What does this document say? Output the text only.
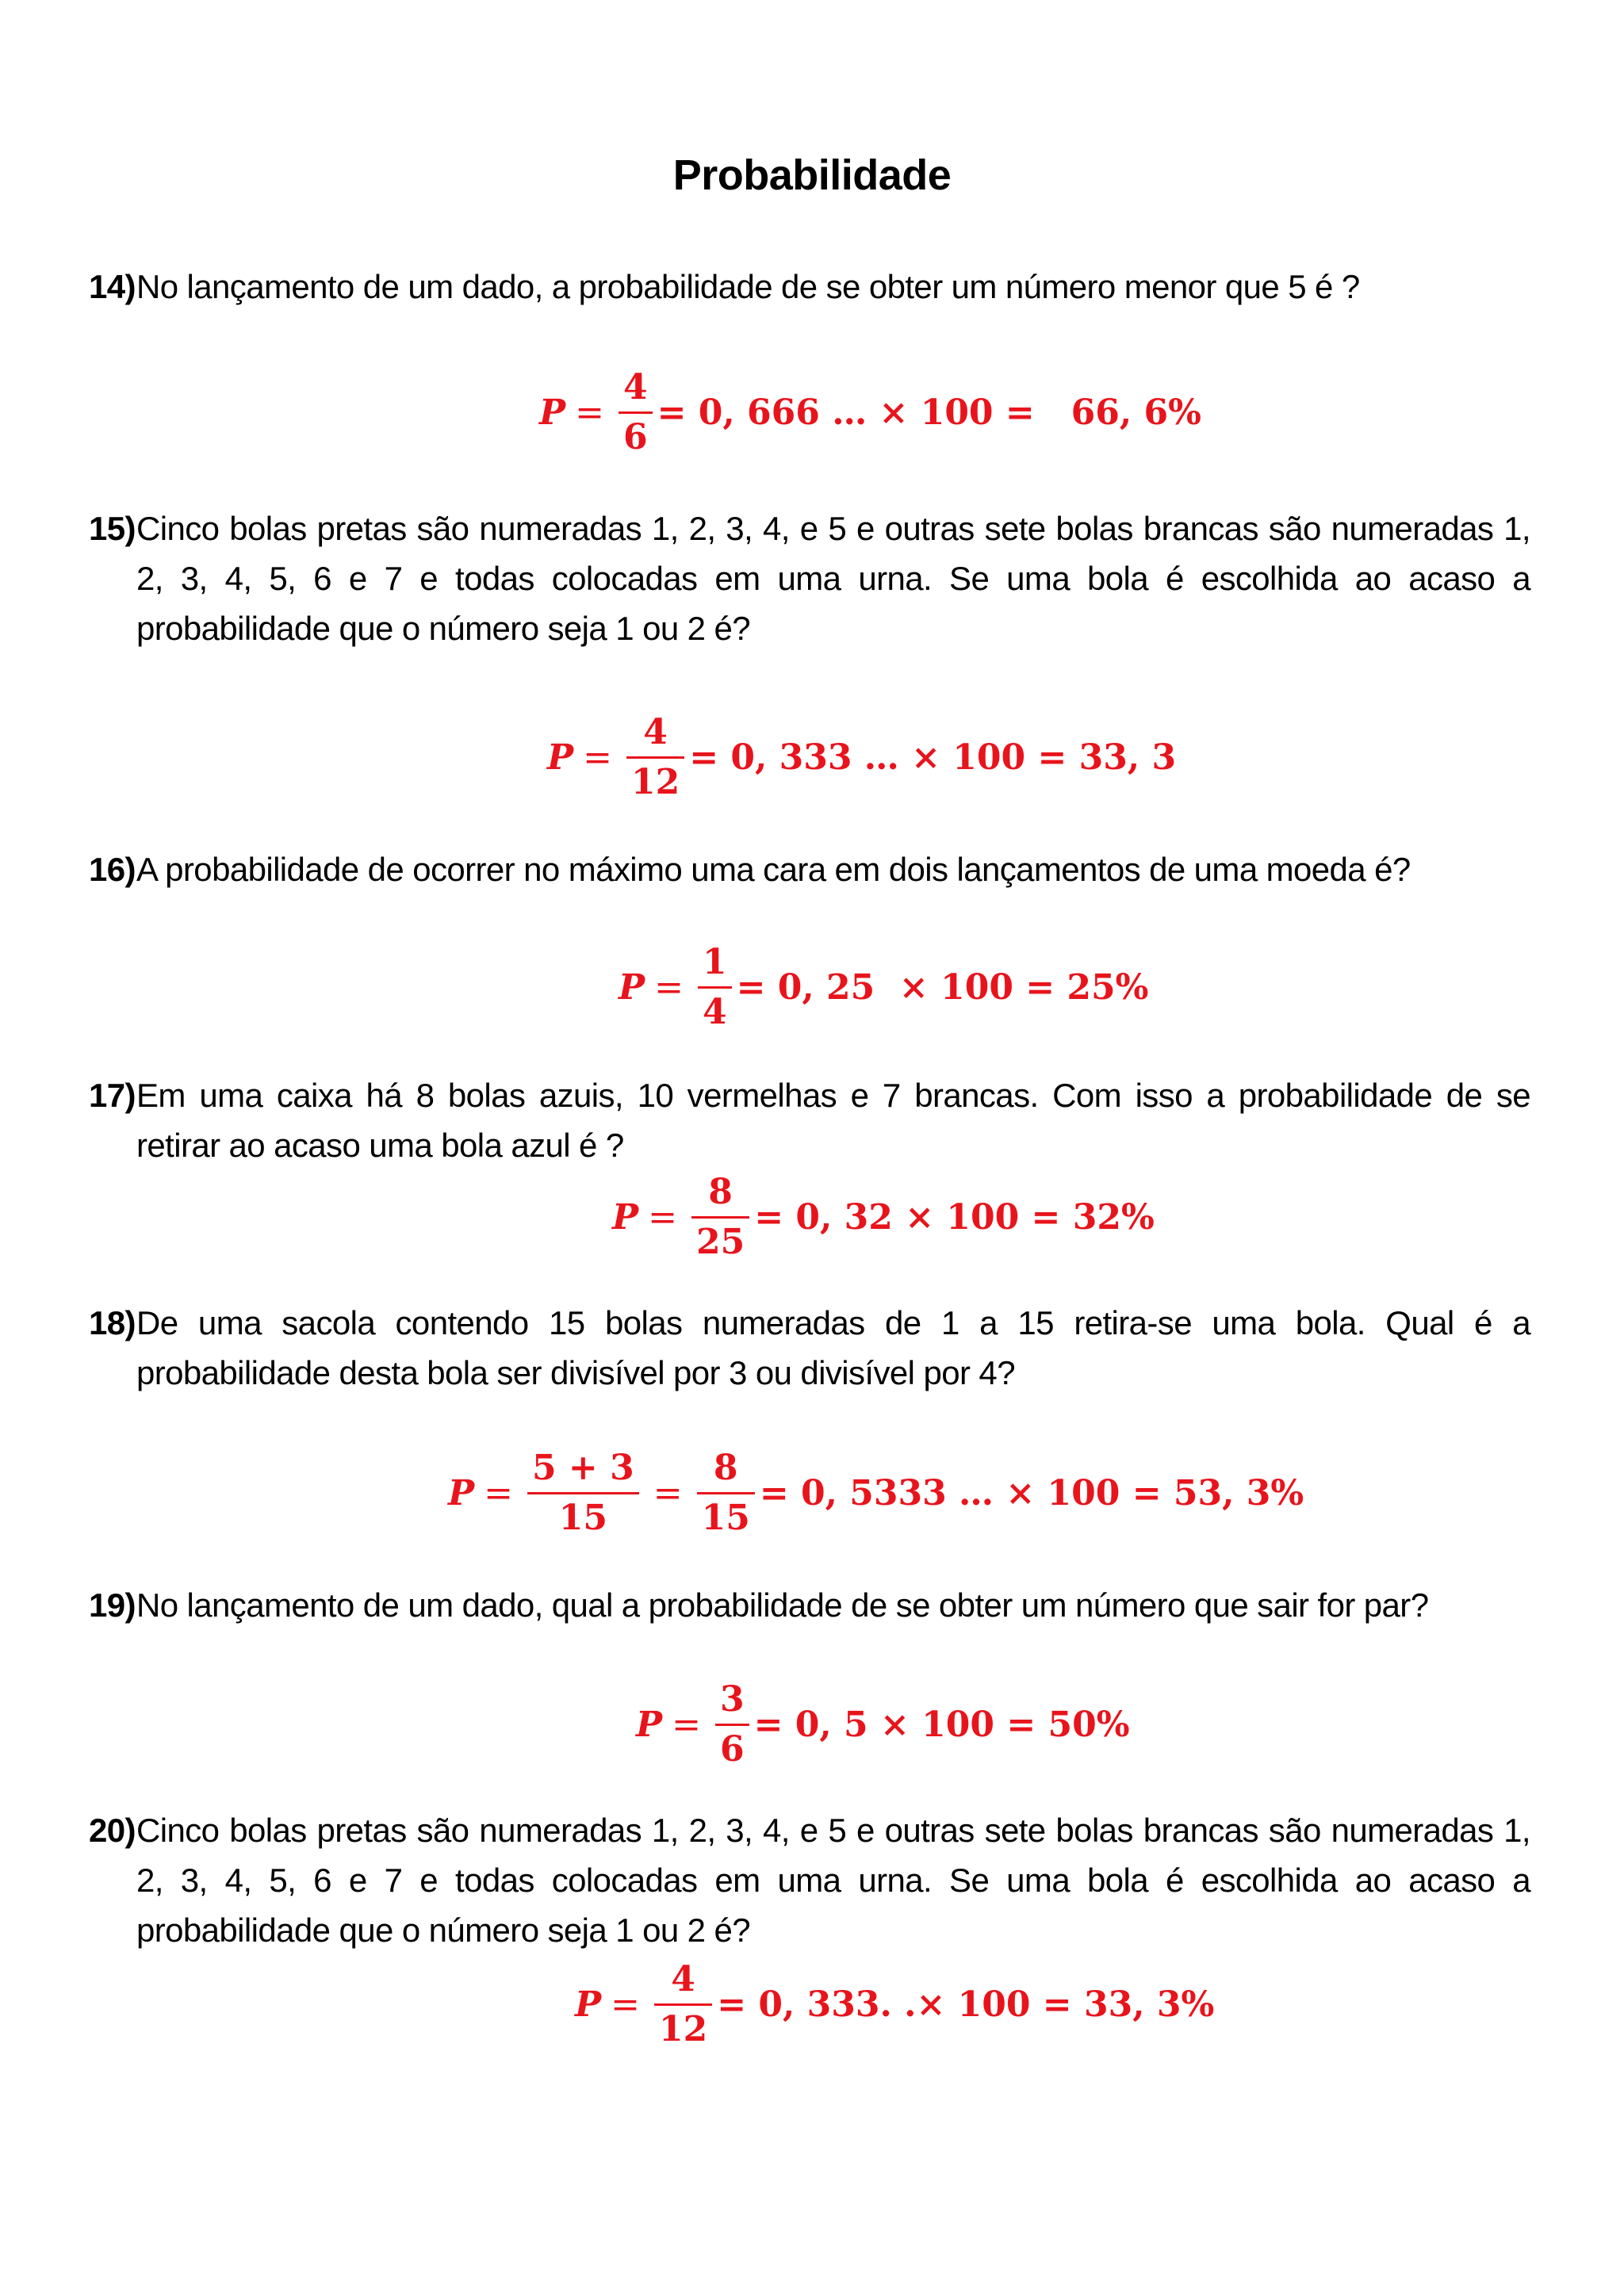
Probabilidade
14) No lançamento de um dado, a probabilidade de se obter um número menor que 5 é ?
$P = \frac{4}{6} = 0$, 666 … × 100 =   66, 6%
15) Cinco bolas pretas são numeradas 1, 2, 3, 4, e 5 e outras sete bolas brancas são numeradas 1, 2, 3, 4, 5, 6 e 7 e todas colocadas em uma urna. Se uma bola é escolhida ao acaso a probabilidade que o número seja 1 ou 2 é?
$P = \frac{4}{12} = 0$, 333 … × 100 = 33, 3
16) A probabilidade de ocorrer no máximo uma cara em dois lançamentos de uma moeda é?
$P = \frac{1}{4} = 0$, 25  × 100 = 25%
17) Em uma caixa há 8 bolas azuis, 10 vermelhas e 7 brancas. Com isso a probabilidade de se retirar ao acaso uma bola azul é ?
$P = \frac{8}{25} = 0$, 32 × 100 = 32%
18) De uma sacola contendo 15 bolas numeradas de 1 a 15 retira-se uma bola. Qual é a probabilidade desta bola ser divisível por 3 ou divisível por 4?
$P = \frac{5 + 3}{15} = \frac{8}{15} = 0$, 5333 … × 100 = 53, 3%
19) No lançamento de um dado, qual a probabilidade de se obter um número que sair for par?
$P = \frac{3}{6} = 0$, 5 × 100 = 50%
20) Cinco bolas pretas são numeradas 1, 2, 3, 4, e 5 e outras sete bolas brancas são numeradas 1, 2, 3, 4, 5, 6 e 7 e todas colocadas em uma urna. Se uma bola é escolhida ao acaso a probabilidade que o número seja 1 ou 2 é?
$P = \frac{4}{12} = 0$, 333. .× 100 = 33, 3%
